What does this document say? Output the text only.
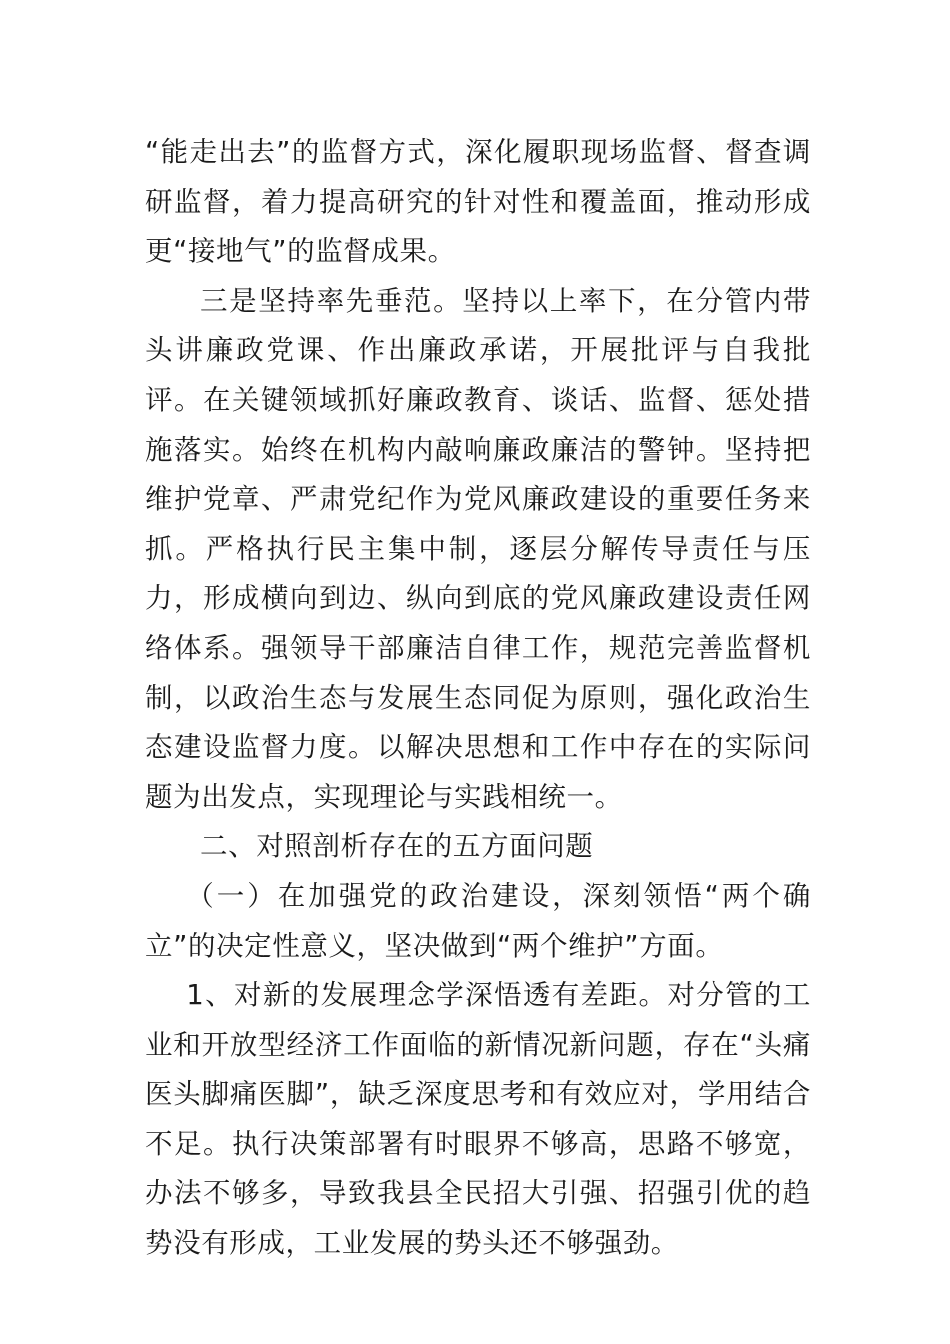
“能走出去”的监督方式，深化履职现场监督、督查调研监督，着力提高研究的针对性和覆盖面，推动形成更“接地气”的监督成果。

三是坚持率先垂范。坚持以上率下，在分管内带头讲廉政党课、作出廉政承诺，开展批评与自我批评。在关键领域抓好廉政教育、谈话、监督、惩处措施落实。始终在机构内敲响廉政廉洁的警钟。坚持把维护党章、严肃党纪作为党风廉政建设的重要任务来抓。严格执行民主集中制，逐层分解传导责任与压力，形成横向到边、纵向到底的党风廉政建设责任网络体系。强领导干部廉洁自律工作，规范完善监督机制，以政治生态与发展生态同促为原则，强化政治生态建设监督力度。以解决思想和工作中存在的实际问题为出发点，实现理论与实践相统一。

二、对照剖析存在的五方面问题

（一）在加强党的政治建设，深刻领悟“两个确立”的决定性意义，坚决做到“两个维护”方面。

1、对新的发展理念学深悟透有差距。对分管的工业和开放型经济工作面临的新情况新问题，存在“头痛医头脚痛医脚”，缺乏深度思考和有效应对，学用结合不足。执行决策部署有时眼界不够高，思路不够宽，办法不够多，导致我县全民招大引强、招强引优的趋势没有形成，工业发展的势头还不够强劲。
